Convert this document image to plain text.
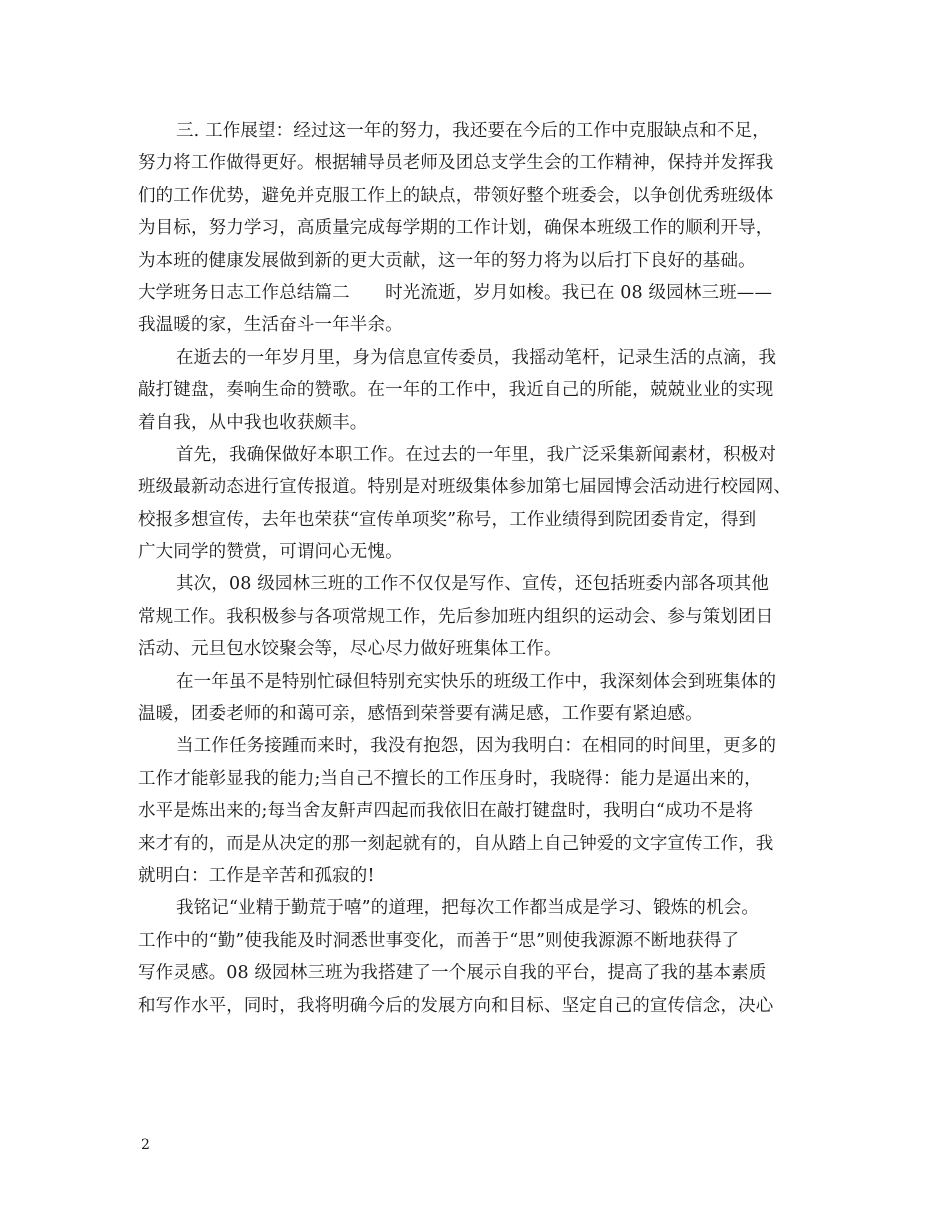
三. 工作展望：经过这一年的努力，我还要在今后的工作中克服缺点和不足，
努力将工作做得更好。根据辅导员老师及团总支学生会的工作精神，保持并发挥我
们的工作优势，避免并克服工作上的缺点，带领好整个班委会，以争创优秀班级体
为目标，努力学习，高质量完成每学期的工作计划，确保本班级工作的顺利开导，
为本班的健康发展做到新的更大贡献，这一年的努力将为以后打下良好的基础。
大学班务日志工作总结篇二　　时光流逝，岁月如梭。我已在 08 级园林三班——
我温暖的家，生活奋斗一年半余。
在逝去的一年岁月里，身为信息宣传委员，我摇动笔杆，记录生活的点滴，我
敲打键盘，奏响生命的赞歌。在一年的工作中，我近自己的所能，兢兢业业的实现
着自我，从中我也收获颇丰。
首先，我确保做好本职工作。在过去的一年里，我广泛采集新闻素材，积极对
班级最新动态进行宣传报道。特别是对班级集体参加第七届园博会活动进行校园网、
校报多想宣传，去年也荣获“宣传单项奖”称号，工作业绩得到院团委肯定，得到
广大同学的赞赏，可谓问心无愧。
其次，08 级园林三班的工作不仅仅是写作、宣传，还包括班委内部各项其他
常规工作。我积极参与各项常规工作，先后参加班内组织的运动会、参与策划团日
活动、元旦包水饺聚会等，尽心尽力做好班集体工作。
在一年虽不是特别忙碌但特别充实快乐的班级工作中，我深刻体会到班集体的
温暖，团委老师的和蔼可亲，感悟到荣誉要有满足感，工作要有紧迫感。
当工作任务接踵而来时，我没有抱怨，因为我明白：在相同的时间里，更多的
工作才能彰显我的能力;当自己不擅长的工作压身时，我晓得：能力是逼出来的，
水平是炼出来的;每当舍友鼾声四起而我依旧在敲打键盘时，我明白“成功不是将
来才有的，而是从决定的那一刻起就有的，自从踏上自己钟爱的文字宣传工作，我
就明白：工作是辛苦和孤寂的!
我铭记“业精于勤荒于嘻”的道理，把每次工作都当成是学习、锻炼的机会。
工作中的“勤”使我能及时洞悉世事变化，而善于“思”则使我源源不断地获得了
写作灵感。08 级园林三班为我搭建了一个展示自我的平台，提高了我的基本素质
和写作水平，同时，我将明确今后的发展方向和目标、坚定自己的宣传信念，决心
2
